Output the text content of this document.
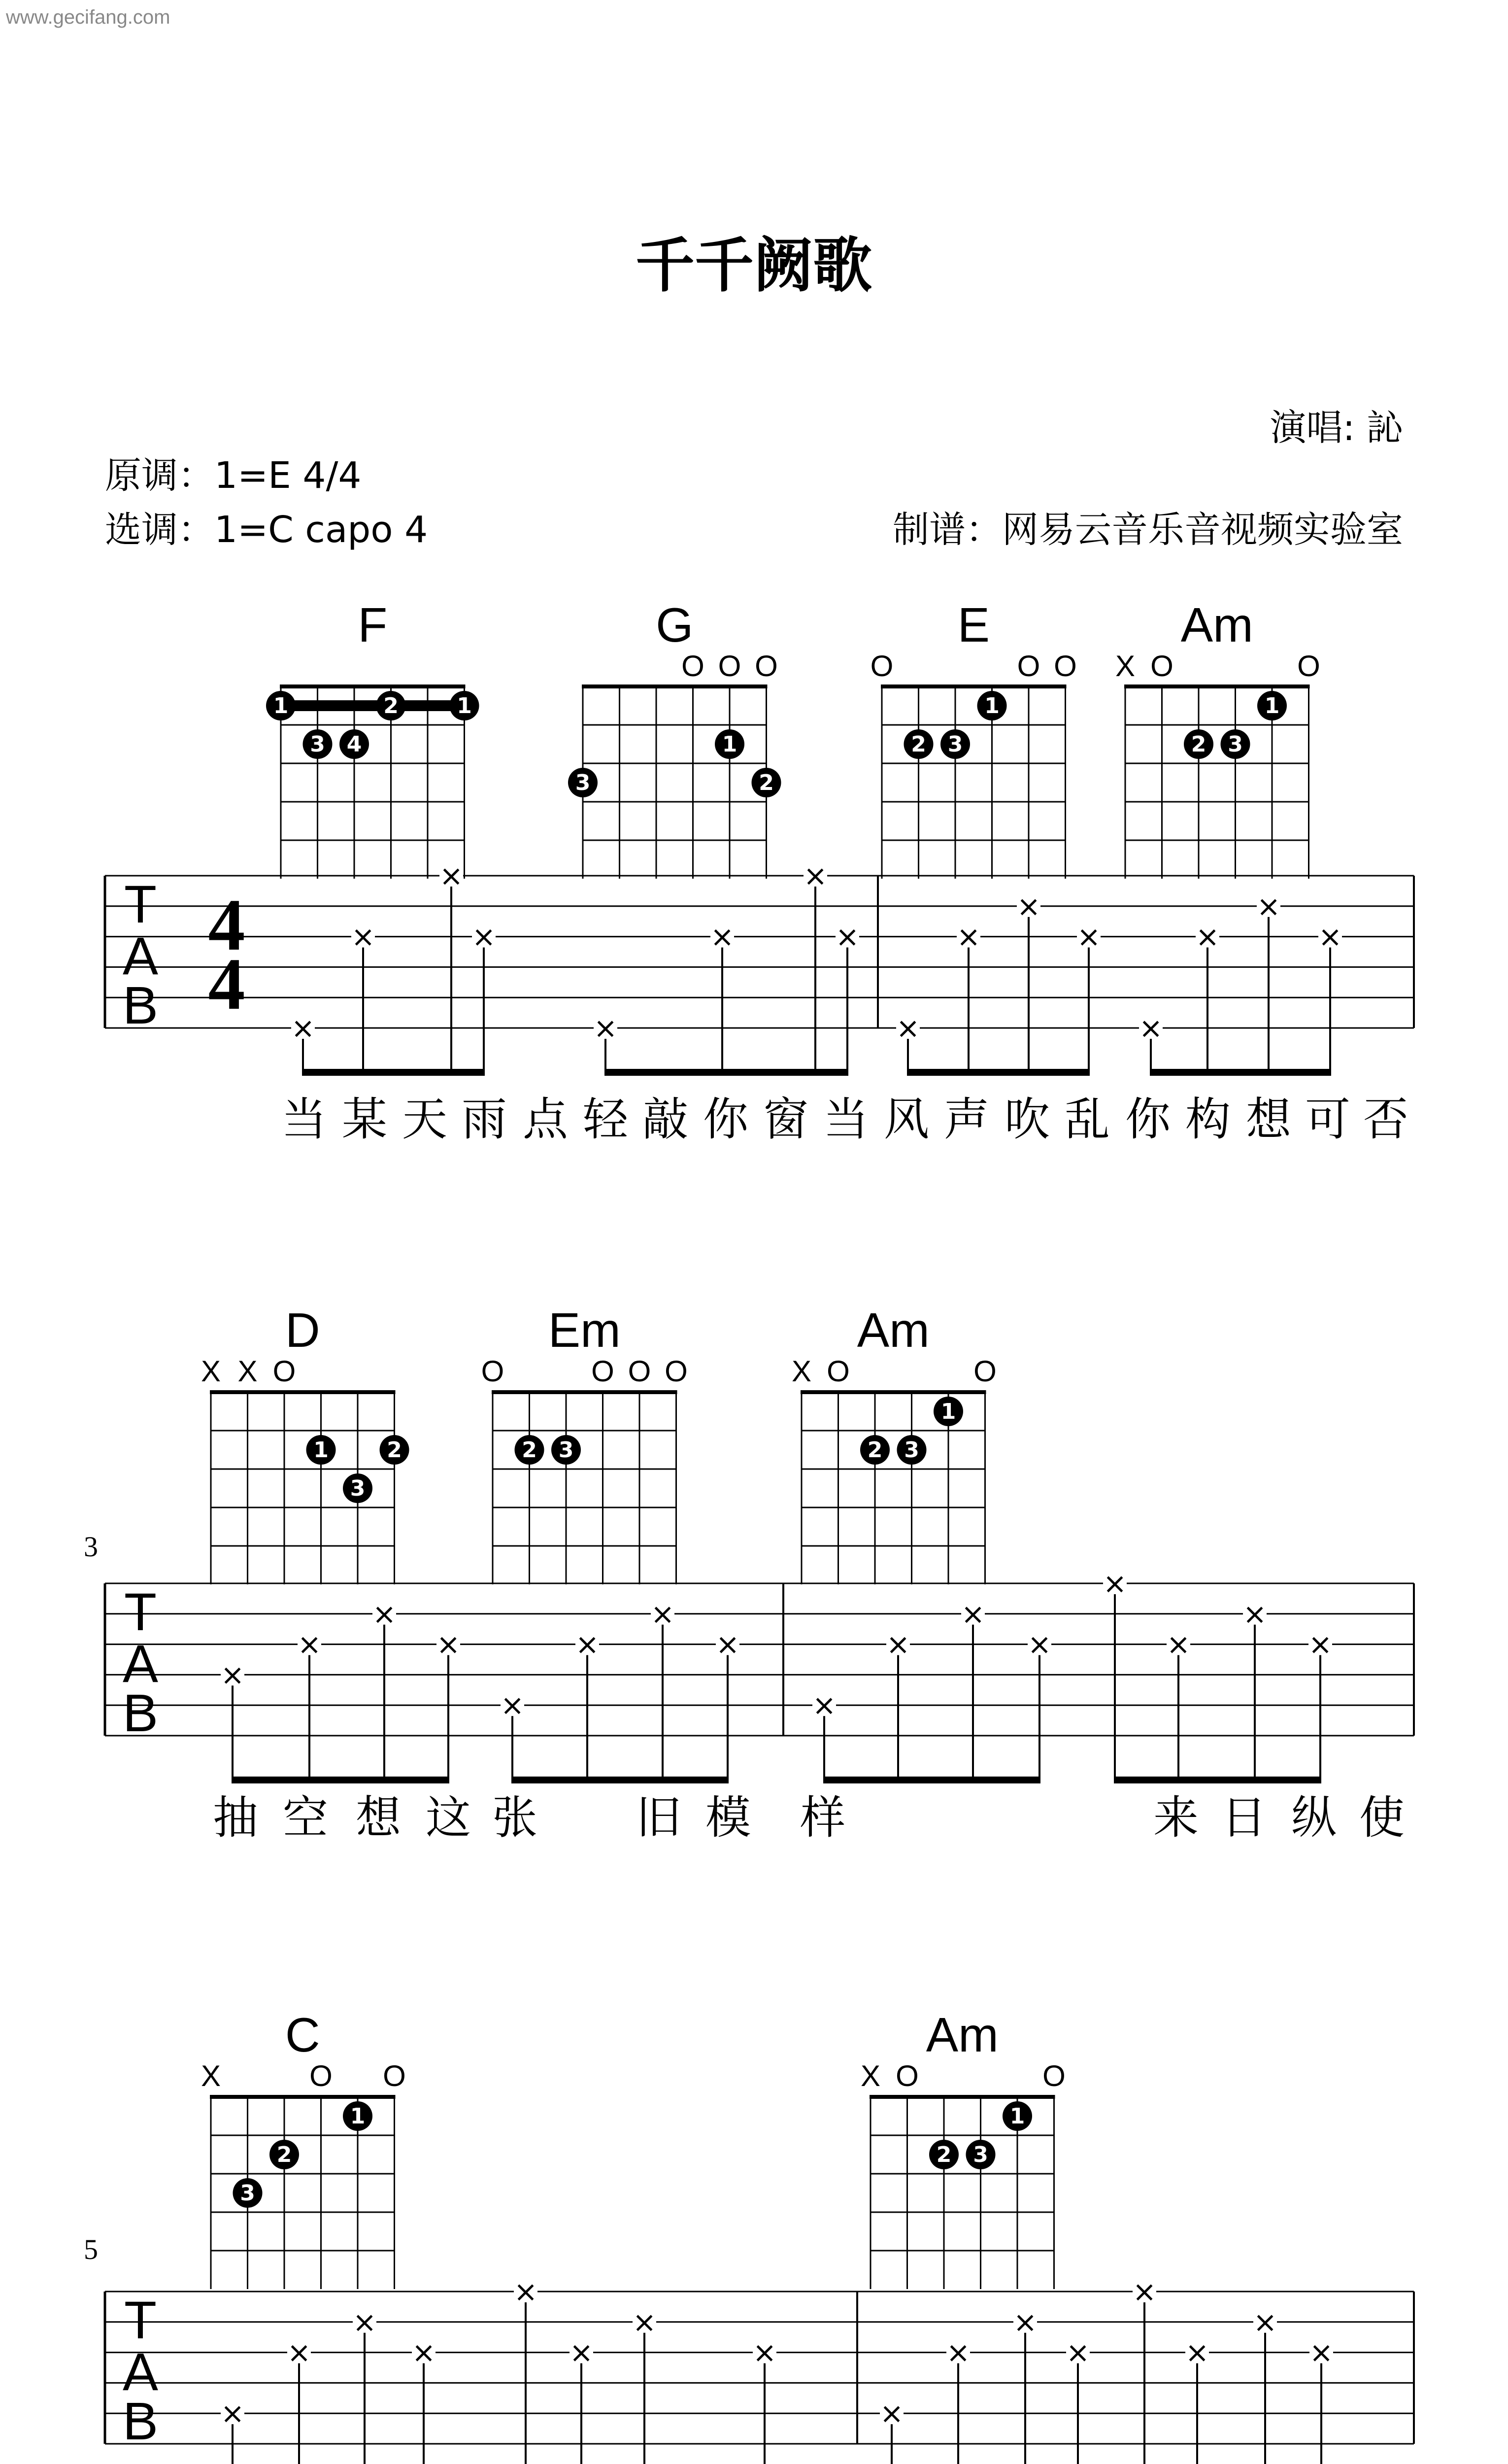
www.gecifang.com
千千阙歌
演唱: 訫
原调：1=E 4/4
选调：1=C capo 4	制谱：网易云音乐音视频实验室
F
1	1
2
3 4
G
O O O
1
2
3
E
O	O O
1
2 3
Am
X O	O
1
2 3
D
X X O
1	2
3
Em
O	O O O
2 3
Am
X O	O
1
2 3
C
X	O O
1
2
3
Am
X O	O
1
2 3
T
A
B
4
4
×
×
×
×
×
×
×
×
×
×
×
×
×
×
×
×
T
A
B
×
×
×
×
×
×
×
×
×
×
×
×
×
×
×
×
T
A
B ×
×
×
×
×
×
×
×
×
×
×
×
×
×
×
×
当 某 天 雨 点 轻 敲 你 窗 当 风 声 吹 乱 你 构 想 可 否
抽 空 想 这 张 旧 模 样	来 日 纵 使
3
5
